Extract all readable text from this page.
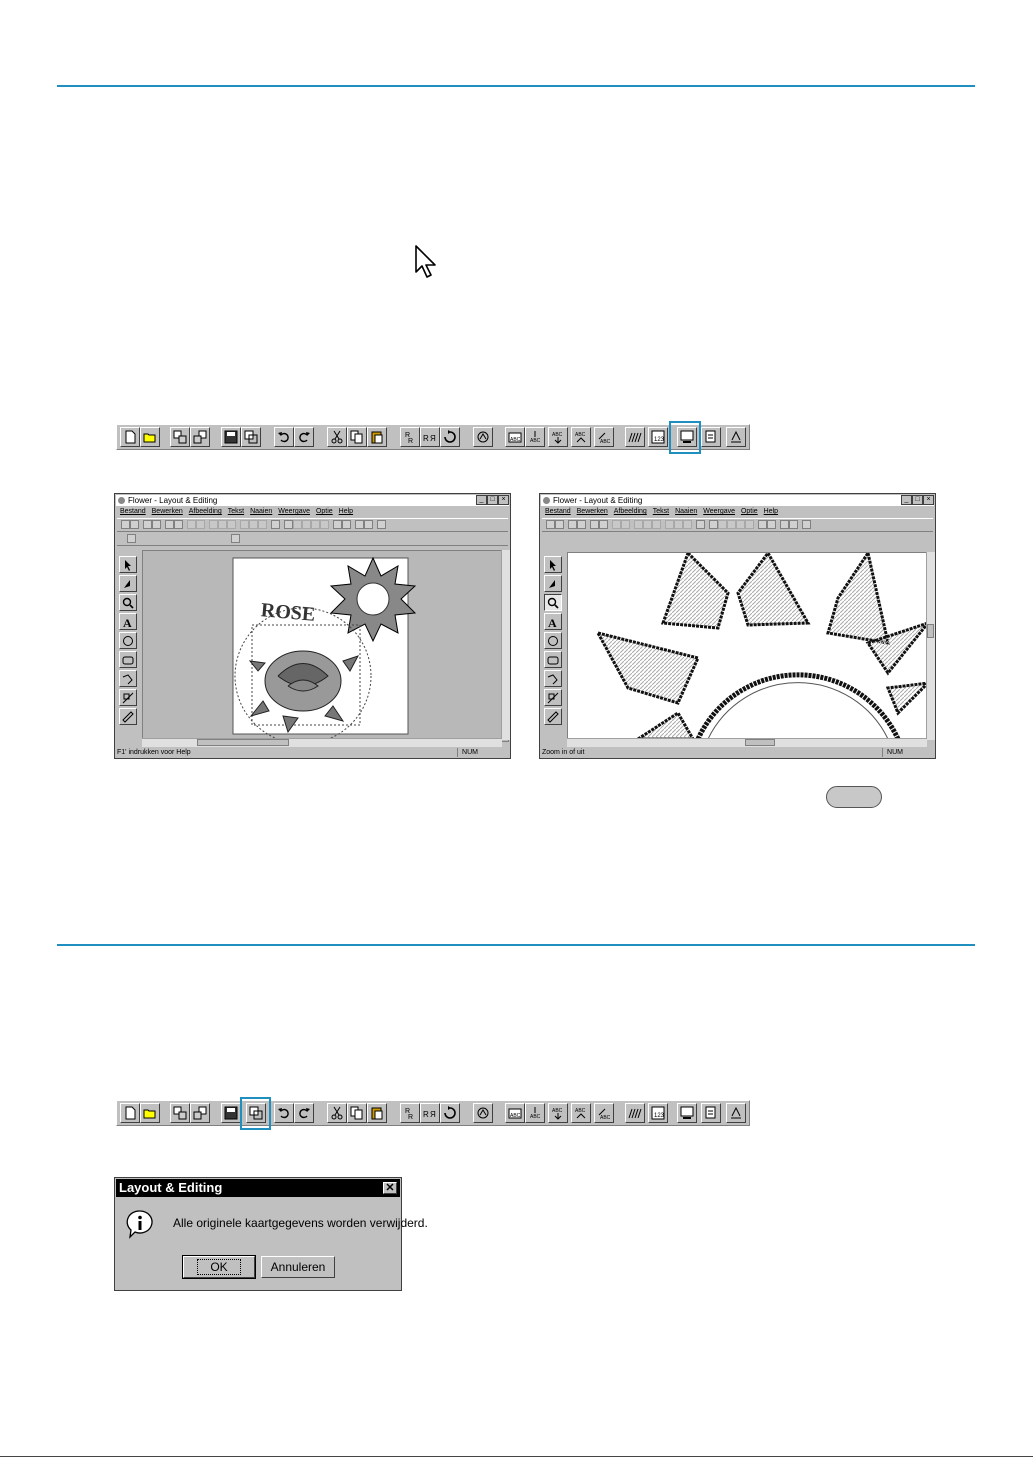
R
R R Я	ABC ABC
ABC	ABC
ABC	123
Flower - Layout & Editing	_ □ ×
Bestand Bewerken Afbeelding Tekst Naaien Weergave Optie Help
A	ROSE
F1' indrukken voor Help	NUM
Flower - Layout & Editing	_ □ ×
Bestand Bewerken Afbeelding Tekst Naaien Weergave Optie Help
A
Zoom in of uit	NUM
R
R R Я	ABC ABC
ABC	ABC
ABC	123
Layout & Editing	✕
Alle originele kaartgegevens worden verwijderd.
OK	Annuleren
